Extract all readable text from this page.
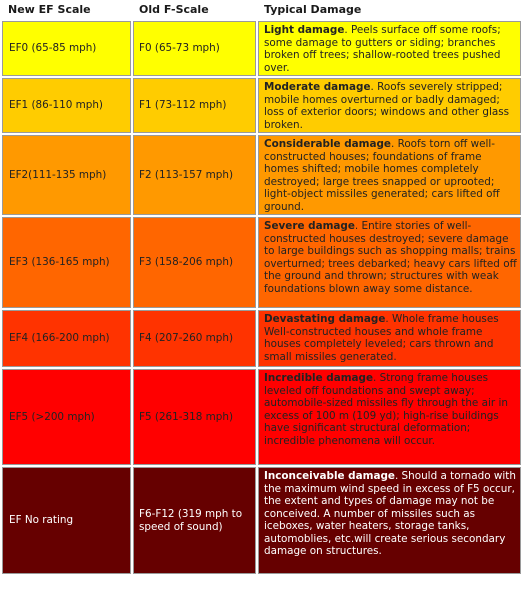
New EF Scale	Old F-Scale	Typical Damage
EF0 (65-85 mph)	F0 (65-73 mph)	Light damage. Peels surface off some roofs; some damage to gutters or siding; branches broken off trees; shallow-rooted trees pushed over.
EF1 (86-110 mph)	F1 (73-112 mph)	Moderate damage. Roofs severely stripped; mobile homes overturned or badly damaged; loss of exterior doors; windows and other glass broken.
EF2(111-135 mph)	F2 (113-157 mph)	Considerable damage. Roofs torn off well-constructed houses; foundations of frame homes shifted; mobile homes completely destroyed; large trees snapped or uprooted; light-object missiles generated; cars lifted off ground.
EF3 (136-165 mph)	F3 (158-206 mph)	Severe damage. Entire stories of well-constructed houses destroyed; severe damage to large buildings such as shopping malls; trains overturned; trees debarked; heavy cars lifted off the ground and thrown; structures with weak foundations blown away some distance.
EF4 (166-200 mph)	F4 (207-260 mph)	Devastating damage. Whole frame houses Well-constructed houses and whole frame houses completely leveled; cars thrown and small missiles generated.
EF5 (>200 mph)	F5 (261-318 mph)	Incredible damage. Strong frame houses leveled off foundations and swept away; automobile-sized missiles fly through the air in excess of 100 m (109 yd); high-rise buildings have significant structural deformation; incredible phenomena will occur.
EF No rating	F6-F12 (319 mph to speed of sound)	Inconceivable damage. Should a tornado with the maximum wind speed in excess of F5 occur, the extent and types of damage may not be conceived. A number of missiles such as iceboxes, water heaters, storage tanks, automoblies, etc.will create serious secondary damage on structures.
